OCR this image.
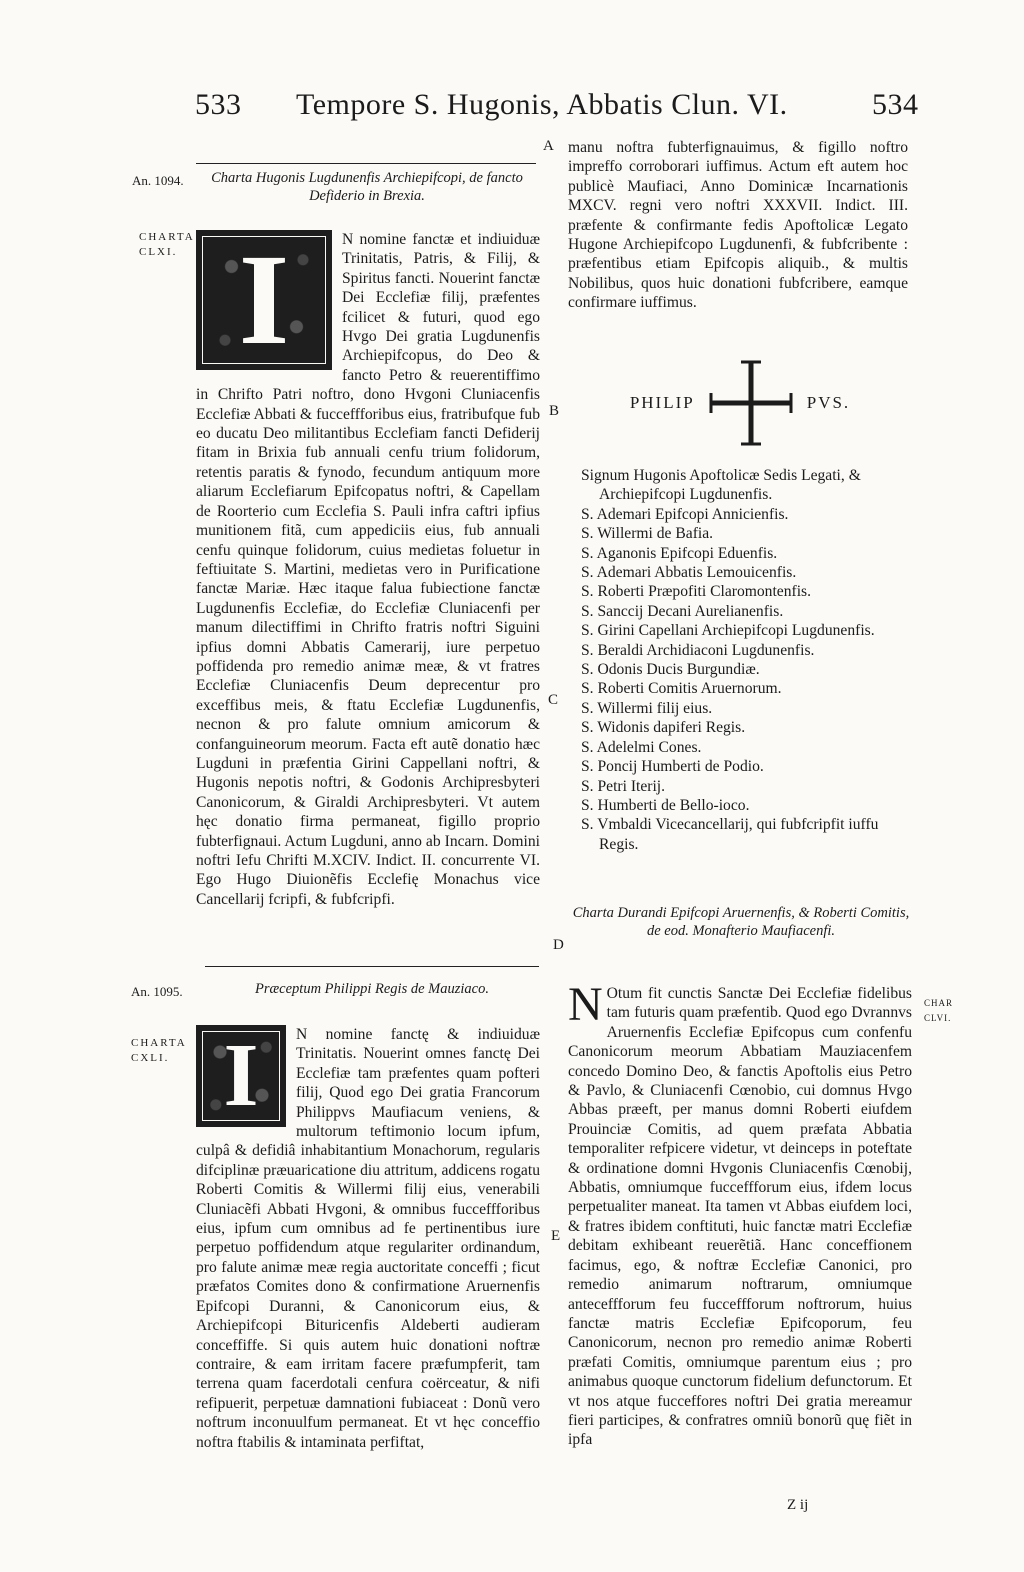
533 Tempore S. Hugonis, Abbatis Clun. VI.	534
A
B
C
D
E
An. 1094.
CHARTA
CLXI.
Charta Hugonis Lugdunenfis Archiepifcopi, de fancto Defiderio in Brexia.
I	N nomine fanctæ et indiuiduæ Trinitatis, Patris, & Filij, & Spiritus fancti. Nouerint fanctæ Dei Ecclefiæ filij, præfentes fcilicet & futuri, quod ego Hvgo Dei gratia Lugdunenfis Archiepifcopus, do Deo & fancto Petro & reuerentiffimo in Chrifto Patri noftro, dono Hvgoni Cluniacenfis Ecclefiæ Abbati & fucceffforibus eius, fratribufque fub eo ducatu Deo militantibus Ecclefiam fancti Defiderij fitam in Brixia fub annuali cenfu trium folidorum, retentis paratis & fynodo, fecundum antiquum more aliarum Ecclefiarum Epifcopatus noftri, & Capellam de Roorterio cum Ecclefia S. Pauli infra caftri ipfius munitionem fitã, cum appediciis eius, fub annuali cenfu quinque folidorum, cuius medietas foluetur in feftiuitate S. Martini, medietas vero in Purificatione fanctæ Mariæ. Hæc itaque falua fubiectione fanctæ Lugdunenfis Ecclefiæ, do Ecclefiæ Cluniacenfi per manum dilectiffimi in Chrifto fratris noftri Siguini ipfius domni Abbatis Camerarij, iure perpetuo poffidenda pro remedio animæ meæ, & vt fratres Ecclefiæ Cluniacenfis Deum deprecentur pro exceffibus meis, & ftatu Ecclefiæ Lugdunenfis, necnon & pro falute omnium amicorum & confanguineorum meorum. Facta eft autẽ donatio hæc Lugduni in præfentia Girini Cappellani noftri, & Hugonis nepotis noftri, & Godonis Archipresbyteri Canonicorum, & Giraldi Archipresbyteri. Vt autem hęc donatio firma permaneat, figillo proprio fubterfignaui. Actum Lugduni, anno ab Incarn. Domini noftri Iefu Chrifti M.XCIV. Indict. II. concurrente VI. Ego Hugo Diuionẽfis Ecclefię Monachus vice Cancellarij fcripfi, & fubfcripfi.

An. 1095.
CHARTA
CXLI.
Præceptum Philippi Regis de Mauziaco.
I	N nomine fanctę & indiuiduæ Trinitatis. Nouerint omnes fanctę Dei Ecclefiæ tam præfentes quam pofteri filij, Quod ego Dei gratia Francorum Philippvs Maufiacum veniens, & multorum teftimonio locum ipfum, culpâ & defidiâ inhabitantium Monachorum, regularis difciplinæ præuaricatione diu attritum, addicens rogatu Roberti Comitis & Willermi filij eius, venerabili Cluniacẽfi Abbati Hvgoni, & omnibus fucceffforibus eius, ipfum cum omnibus ad fe pertinentibus iure perpetuo poffidendum atque regulariter ordinandum, pro falute animæ meæ regia auctoritate conceffi ; ficut præfatos Comites dono & confirmatione Aruernenfis Epifcopi Duranni, & Canonicorum eius, & Archiepifcopi Bituricenfis Aldeberti audieram conceffiffe. Si quis autem huic donationi noftræ contraire, & eam irritam facere præfumpferit, tam terrena quam facerdotali cenfura coërceatur, & nifi refipuerit, perpetuæ damnationi fubiaceat : Donũ vero noftrum inconuulfum permaneat. Et vt hęc conceffio noftra ftabilis & intaminata perfiftat,

manu noftra fubterfignauimus, & figillo noftro impreffo corroborari iuffimus. Actum eft autem hoc publicè Maufiaci, Anno Dominicæ Incarnationis MXCV. regni vero noftri XXXVII. Indict. III. præfente & confirmante fedis Apoftolicæ Legato Hugone Archiepifcopo Lugdunenfi, & fubfcribente : præfentibus etiam Epifcopis aliquib., & multis Nobilibus, quos huic donationi fubfcribere, eamque confirmare iuffimus.
PHILIP	PVS.
Signum Hugonis Apoftolicæ Sedis Legati, & Archiepifcopi Lugdunenfis.
S. Ademari Epifcopi Annicienfis.
S. Willermi de Bafia.
S. Aganonis Epifcopi Eduenfis.
S. Ademari Abbatis Lemouicenfis.
S. Roberti Præpofiti Claromontenfis.
S. Sanccij Decani Aurelianenfis.
S. Girini Capellani Archiepifcopi Lugdunenfis.
S. Beraldi Archidiaconi Lugdunenfis.
S. Odonis Ducis Burgundiæ.
S. Roberti Comitis Aruernorum.
S. Willermi filij eius.
S. Widonis dapiferi Regis.
S. Adelelmi Cones.
S. Poncij Humberti de Podio.
S. Petri Iterij.
S. Humberti de Bello-ioco.
S. Vmbaldi Vicecancellarij, qui fubfcripfit iuffu Regis.
Charta Durandi Epifcopi Aruernenfis, & Roberti Comitis, de eod. Monafterio Maufiacenfi.
CHAR
CLVI.
N Otum fit cunctis Sanctæ Dei Ecclefiæ fidelibus tam futuris quam præfentib. Quod ego Dvrannvs Aruernenfis Ecclefiæ Epifcopus cum confenfu Canonicorum meorum Abbatiam Mauziacenfem concedo Domino Deo, & fanctis Apoftolis eius Petro & Pavlo, & Cluniacenfi Cœnobio, cui domnus Hvgo Abbas præeft, per manus domni Roberti eiufdem Prouinciæ Comitis, ad quem præfata Abbatia temporaliter refpicere videtur, vt deinceps in poteftate & ordinatione domni Hvgonis Cluniacenfis Cœnobij, Abbatis, omniumque fucceffforum eius, ifdem locus perpetualiter maneat. Ita tamen vt Abbas eiufdem loci, & fratres ibidem conftituti, huic fanctæ matri Ecclefiæ debitam exhibeant reuerẽtiã. Hanc conceffionem facimus, ego, & noftræ Ecclefiæ Canonici, pro remedio animarum noftrarum, omniumque anteceffforum feu fucceffforum noftrorum, huius fanctæ matris Ecclefiæ Epifcoporum, feu Canonicorum, necnon pro remedio animæ Roberti præfati Comitis, omniumque parentum eius ; pro animabus quoque cunctorum fidelium defunctorum. Et vt nos atque fucceffores noftri Dei gratia mereamur fieri participes, & confratres omniũ bonorũ quę fiẽt in ipfa

Z ij
